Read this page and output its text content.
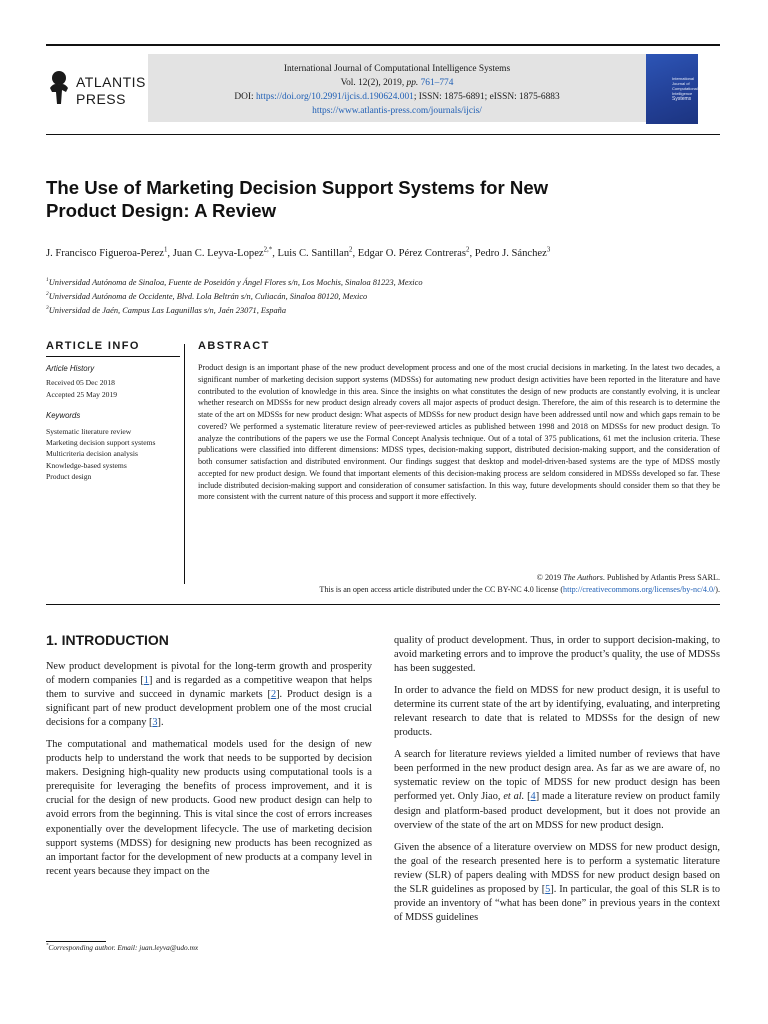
ATLANTIS
PRESS
International Journal of Computational Intelligence Systems
Vol. 12(2), 2019, pp. 761–774
DOI: https://doi.org/10.2991/ijcis.d.190624.001; ISSN: 1875-6891; eISSN: 1875-6883
https://www.atlantis-press.com/journals/ijcis/
International
Journal of
Computational
Intelligence
Systems
The Use of Marketing Decision Support Systems for New
Product Design: A Review
J. Francisco Figueroa-Perez$^1$, Juan C. Leyva-Lopez$^{2,*}$, Luis C. Santillan$^2$, Edgar O. Pérez Contreras$^2$, Pedro J. Sánchez$^3$
$^1$Universidad Autónoma de Sinaloa, Fuente de Poseidón y Ángel Flores s/n, Los Mochis, Sinaloa 81223, Mexico
$^2$Universidad Autónoma de Occidente, Blvd. Lola Beltrán s/n, Culiacán, Sinaloa 80120, Mexico
$^3$Universidad de Jaén, Campus Las Lagunillas s/n, Jaén 23071, España
ARTICLE INFO
Article History
Received 05 Dec 2018
Accepted 25 May 2019
Keywords
Systematic literature review
Marketing decision support systems
Multicriteria decision analysis
Knowledge-based systems
Product design
ABSTRACT
Product design is an important phase of the new product development process and one of the most crucial decisions in marketing. In the latest two decades, a significant number of marketing decision support systems (MDSSs) for automating new product design activities have been reported in the literature and have contributed to the evolution of knowledge in this area. Since the insights on what constitutes the design of new products are constantly evolving, it is unclear whether research on MDSSs for new product design already covers all major aspects of product design. Therefore, the aim of this research is to determine the state of the art on MDSSs for new product design: What aspects of MDSSs for new product design have been addressed until now and which gaps remain to be covered? We performed a systematic literature review of peer-reviewed articles as published between 1998 and 2018 on MDSSs for new product design. To analyze the contributions of the papers we use the Formal Concept Analysis technique. Out of a total of 375 publications, 61 met the inclusion criteria. These publications were classified into different dimensions: MDSS types, decision-making support, distributed decision-making support, and the consideration of both consumer satisfaction and distributed environment. Our findings suggest that desktop and model-driven-based systems are the type of MDSS mostly accepted for new product design. We found that important elements of this decision-making process are seldom considered in MDSSs developed so far. These include distributed decision-making support and consideration of consumer satisfaction. In this way, future developments should consider them so that they be more consistent with the current nature of this process and support it more effectively.
© 2019 The Authors. Published by Atlantis Press SARL.
This is an open access article distributed under the CC BY-NC 4.0 license (http://creativecommons.org/licenses/by-nc/4.0/).
1. INTRODUCTION

New product development is pivotal for the long-term growth and prosperity of modern companies [1] and is regarded as a competitive weapon that helps them to survive and succeed in dynamic markets [2]. Product design is a significant part of new product development problem one of the most crucial decisions for a company [3].

The computational and mathematical models used for the design of new products help to understand the work that needs to be supported by decision makers. Designing high-quality new products using computational tools is a prerequisite for leveraging the benefits of process improvement, and it is crucial for the design of new products. Good new product design can help to avoid errors from the beginning. This is vital since the cost of errors increases exponentially over the development lifecycle. The use of marketing decision support systems (MDSS) for designing new products has been recognized as an important factor for the development of new products at a company level in recent years because they impact on the

quality of product development. Thus, in order to support decision-making, to avoid marketing errors and to improve the product’s quality, the use of MDSSs has been suggested.

In order to advance the field on MDSS for new product design, it is useful to determine its current state of the art by identifying, evaluating, and interpreting relevant research to date that is related to MDSSs for the design of new products.

A search for literature reviews yielded a limited number of reviews that have been performed in the new product design area. As far as we are aware of, no systematic review on the topic of MDSS for new product design has been performed yet. Only Jiao, et al. [4] made a literature review on product family design and platform-based product development, but it does not provide an overview of the state of the art on MDSS for new product design.

Given the absence of a literature overview on MDSS for new product design, the goal of the research presented here is to perform a systematic literature review (SLR) of papers dealing with MDSS for new product design based on the SLR guidelines as proposed by [5]. In particular, the goal of this SLR is to provide an inventory of “what has been done” in previous years in the context of MDSS guidelines

*Corresponding author. Email: juan.leyva@udo.mx
